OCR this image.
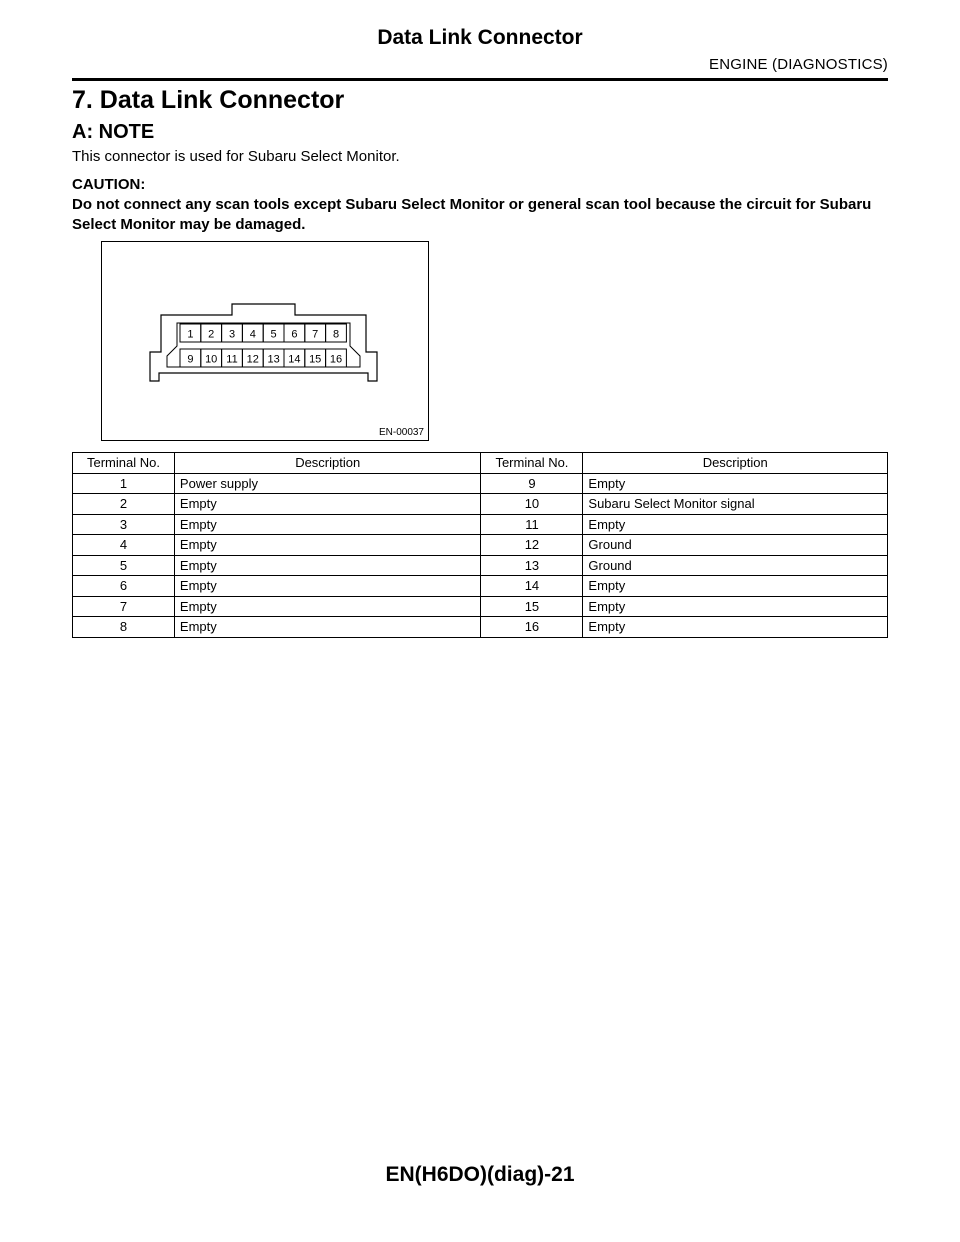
Data Link Connector
ENGINE (DIAGNOSTICS)
7. Data Link Connector
A: NOTE
This connector is used for Subaru Select Monitor.
CAUTION:
Do not connect any scan tools except Subaru Select Monitor or general scan tool because the circuit for Subaru Select Monitor may be damaged.
1 2 3 4 5 6 7 8
9 10 11 12 13 14 15 16
EN-00037
Terminal No.	Description	Terminal No.	Description
1	Power supply	9	Empty
2	Empty	10	Subaru Select Monitor signal
3	Empty	11	Empty
4	Empty	12	Ground
5	Empty	13	Ground
6	Empty	14	Empty
7	Empty	15	Empty
8	Empty	16	Empty
EN(H6DO)(diag)-21
